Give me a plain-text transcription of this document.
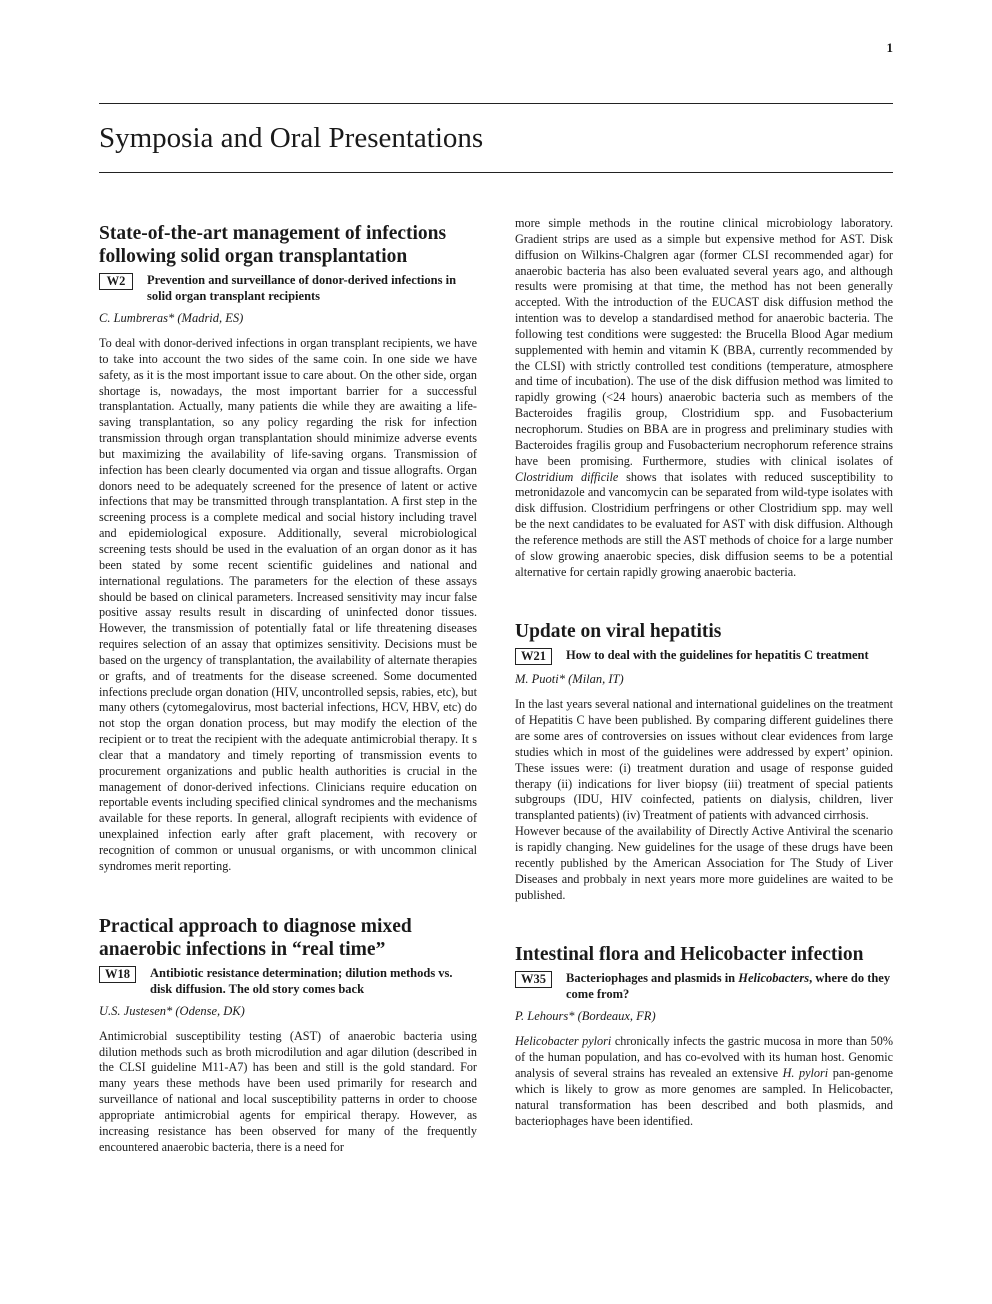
1
Symposia and Oral Presentations
State-of-the-art management of infections following solid organ transplantation
W2	Prevention and surveillance of donor-derived infections in solid organ transplant recipients
C. Lumbreras* (Madrid, ES)

To deal with donor-derived infections in organ transplant recipients, we have to take into account the two sides of the same coin. In one side we have safety, as it is the most important issue to care about. On the other side, organ shortage is, nowadays, the most important barrier for a successful transplantation. Actually, many patients die while they are awaiting a life-saving transplantation, so any policy regarding the risk for infection transmission through organ transplantation should minimize adverse events but maximizing the availability of life-saving organs. Transmission of infection has been clearly documented via organ and tissue allografts. Organ donors need to be adequately screened for the presence of latent or active infections that may be transmitted through transplantation. A first step in the screening process is a complete medical and social history including travel and epidemiological exposure. Additionally, several microbiological screening tests should be used in the evaluation of an organ donor as it has been stated by some recent scientific guidelines and national and international regulations. The parameters for the election of these assays should be based on clinical parameters. Increased sensitivity may incur false positive assay results result in discarding of uninfected donor tissues. However, the transmission of potentially fatal or life threatening diseases requires selection of an assay that optimizes sensitivity. Decisions must be based on the urgency of transplantation, the availability of alternate therapies or grafts, and of treatments for the disease screened. Some documented infections preclude organ donation (HIV, uncontrolled sepsis, rabies, etc), but many others (cytomegalovirus, most bacterial infections, HCV, HBV, etc) do not stop the organ donation process, but may modify the election of the recipient or to treat the recipient with the adequate antimicrobial therapy. It s clear that a mandatory and timely reporting of transmission events to procurement organizations and public health authorities is crucial in the management of donor-derived infections. Clinicians require education on reportable events including specified clinical syndromes and the mechanisms available for these reports. In general, allograft recipients with evidence of unexplained infection early after graft placement, with recovery or recognition of common or unusual organisms, or with uncommon clinical syndromes merit reporting.

Practical approach to diagnose mixed anaerobic infections in “real time”
W18	Antibiotic resistance determination; dilution methods vs. disk diffusion. The old story comes back
U.S. Justesen* (Odense, DK)

Antimicrobial susceptibility testing (AST) of anaerobic bacteria using dilution methods such as broth microdilution and agar dilution (described in the CLSI guideline M11-A7) has been and still is the gold standard. For many years these methods have been used primarily for research and surveillance of national and local susceptibility patterns in order to choose appropriate antimicrobial agents for empirical therapy. However, as increasing resistance has been observed for many of the frequently encountered anaerobic bacteria, there is a need for

more simple methods in the routine clinical microbiology laboratory. Gradient strips are used as a simple but expensive method for AST. Disk diffusion on Wilkins-Chalgren agar (former CLSI recommended agar) for anaerobic bacteria has also been evaluated several years ago, and although results were promising at that time, the method has not been generally accepted. With the introduction of the EUCAST disk diffusion method the intention was to develop a standardised method for anaerobic bacteria. The following test conditions were suggested: the Brucella Blood Agar medium supplemented with hemin and vitamin K (BBA, currently recommended by the CLSI) with strictly controlled test conditions (temperature, atmosphere and time of incubation). The use of the disk diffusion method was limited to rapidly growing (<24 hours) anaerobic bacteria such as members of the Bacteroides fragilis group, Clostridium spp. and Fusobacterium necrophorum. Studies on BBA are in progress and preliminary studies with Bacteroides fragilis group and Fusobacterium necrophorum reference strains have been promising. Furthermore, studies with clinical isolates of Clostridium difficile shows that isolates with reduced susceptibility to metronidazole and vancomycin can be separated from wild-type isolates with disk diffusion. Clostridium perfringens or other Clostridium spp. may well be the next candidates to be evaluated for AST with disk diffusion. Although the reference methods are still the AST methods of choice for a large number of slow growing anaerobic species, disk diffusion seems to be a potential alternative for certain rapidly growing anaerobic bacteria.

Update on viral hepatitis
W21	How to deal with the guidelines for hepatitis C treatment
M. Puoti* (Milan, IT)

In the last years several national and international guidelines on the treatment of Hepatitis C have been published. By comparing different guidelines there are some ares of controversies on issues without clear evidences from large studies which in most of the guidelines were addressed by expert’ opinion. These issues were: (i) treatment duration and usage of response guided therapy (ii) indications for liver biopsy (iii) treatment of special patients subgroups (IDU, HIV coinfected, patients on dialysis, children, liver transplanted patients) (iv) Treatment of patients with advanced cirrhosis.

However because of the availability of Directly Active Antiviral the scenario is rapidly changing. New guidelines for the usage of these drugs have been recently published by the American Association for The Study of Liver Diseases and probbaly in next years more more guidelines are waited to be published.

Intestinal flora and Helicobacter infection
W35	Bacteriophages and plasmids in Helicobacters, where do they come from?
P. Lehours* (Bordeaux, FR)

Helicobacter pylori chronically infects the gastric mucosa in more than 50% of the human population, and has co-evolved with its human host. Genomic analysis of several strains has revealed an extensive H. pylori pan-genome which is likely to grow as more genomes are sampled. In Helicobacter, natural transformation has been described and both plasmids, and bacteriophages have been identified.
